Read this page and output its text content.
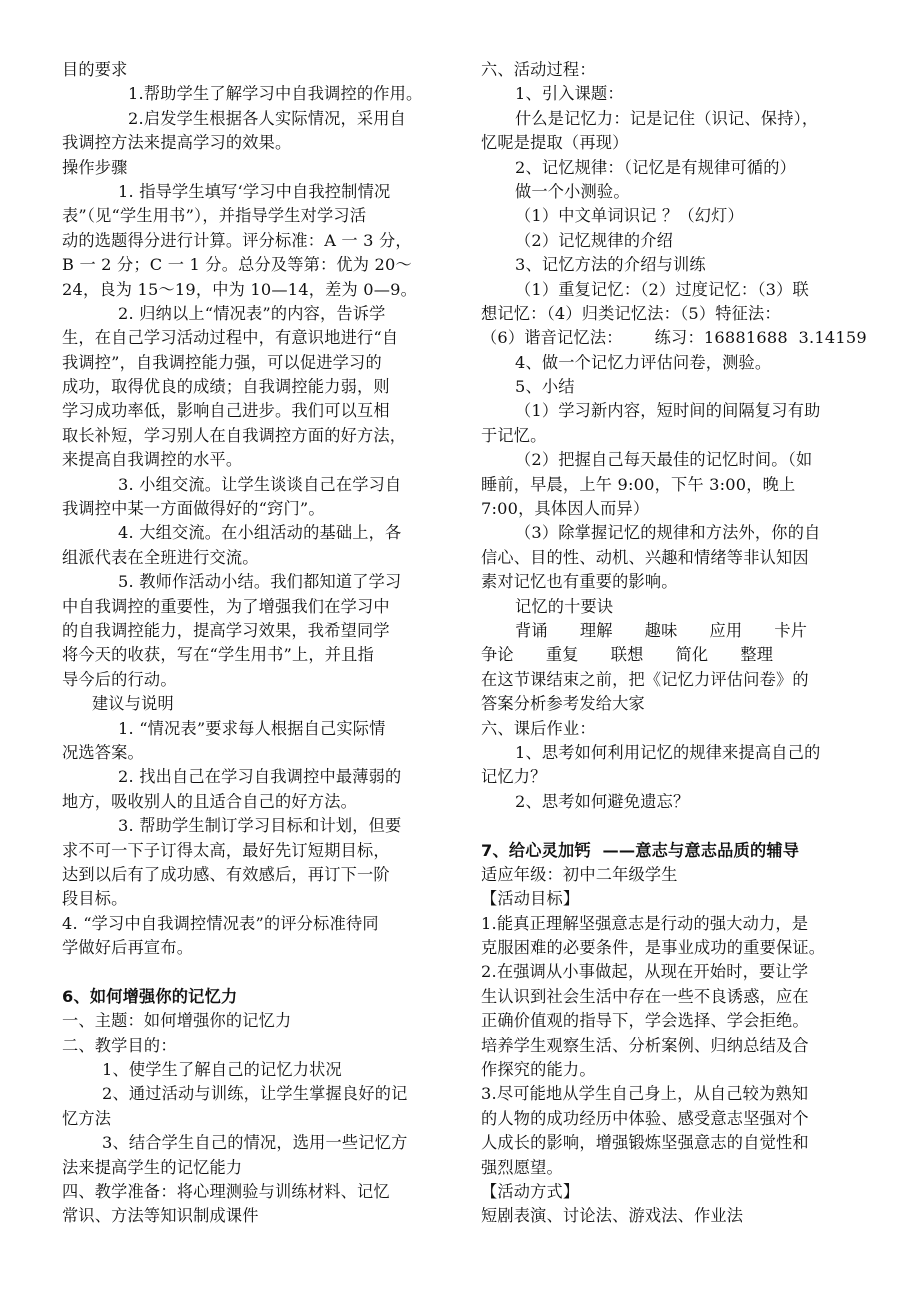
目的要求
1.帮助学生了解学习中自我调控的作用。
2.启发学生根据各人实际情况，采用自
我调控方法来提高学习的效果。
操作步骤
1. 指导学生填写‘学习中自我控制情况
表”（见“学生用书”），并指导学生对学习活
动的选题得分进行计算。评分标准：A 一 3 分，
B 一 2 分；C 一 1 分。总分及等第：优为 20～
24，良为 15～19，中为 10—14，差为 0—9。
2. 归纳以上“情况表”的内容，告诉学
生，在自己学习活动过程中，有意识地进行“自
我调控”，自我调控能力强，可以促进学习的
成功，取得优良的成绩；自我调控能力弱，则
学习成功率低，影响自己进步。我们可以互相
取长补短，学习别人在自我调控方面的好方法，
来提高自我调控的水平。
3. 小组交流。让学生谈谈自己在学习自
我调控中某一方面做得好的“窍门”。
4. 大组交流。在小组活动的基础上，各
组派代表在全班进行交流。
5. 教师作活动小结。我们都知道了学习
中自我调控的重要性，为了增强我们在学习中
的自我调控能力，提高学习效果，我希望同学
将今天的收获，写在“学生用书”上，并且指
导今后的行动。
建议与说明
1. “情况表”要求每人根据自己实际情
况选答案。
2. 找出自己在学习自我调控中最薄弱的
地方，吸收别人的且适合自己的好方法。
3. 帮助学生制订学习目标和计划，但要
求不可一下子订得太高，最好先订短期目标，
达到以后有了成功感、有效感后，再订下一阶
段目标。
4. “学习中自我调控情况表”的评分标准待同
学做好后再宣布。
6、如何增强你的记忆力
一、主题：如何增强你的记忆力
二、教学目的：
1、使学生了解自己的记忆力状况
2、通过活动与训练，让学生掌握良好的记
忆方法
3、结合学生自己的情况，选用一些记忆方
法来提高学生的记忆能力
四、教学准备：将心理测验与训练材料、记忆
常识、方法等知识制成课件
六、活动过程：
1、引入课题：
什么是记忆力：记是记住（识记、保持），
忆呢是提取（再现）
2、记忆规律：（记忆是有规律可循的）
做一个小测验。
（1）中文单词识记 ？（幻灯）
（2）记忆规律的介绍
3、记忆方法的介绍与训练
（1）重复记忆：（2）过度记忆：（3）联
想记忆：（4）归类记忆法：（5）特征法：
（6）谐音记忆法：      练习：16881688  3.14159
4、做一个记忆力评估问卷，测验。
5、小结
（1）学习新内容，短时间的间隔复习有助
于记忆。
（2）把握自己每天最佳的记忆时间。（如
睡前，早晨，上午 9:00，下午 3:00，晚上
7:00，具体因人而异）
（3）除掌握记忆的规律和方法外，你的自
信心、目的性、动机、兴趣和情绪等非认知因
素对记忆也有重要的影响。
记忆的十要诀
背诵      理解      趣味      应用      卡片
争论      重复      联想      简化      整理
在这节课结束之前，把《记忆力评估问卷》的
答案分析参考发给大家
六、课后作业：
1、思考如何利用记忆的规律来提高自己的
记忆力？
2、思考如何避免遗忘？
7、给心灵加钙  ——意志与意志品质的辅导
适应年级：初中二年级学生
【活动目标】
1.能真正理解坚强意志是行动的强大动力，是
克服困难的必要条件，是事业成功的重要保证。
2.在强调从小事做起，从现在开始时，要让学
生认识到社会生活中存在一些不良诱惑，应在
正确价值观的指导下，学会选择、学会拒绝。
培养学生观察生活、分析案例、归纳总结及合
作探究的能力。
3.尽可能地从学生自己身上，从自己较为熟知
的人物的成功经历中体验、感受意志坚强对个
人成长的影响，增强锻炼坚强意志的自觉性和
强烈愿望。
【活动方式】
短剧表演、讨论法、游戏法、作业法
